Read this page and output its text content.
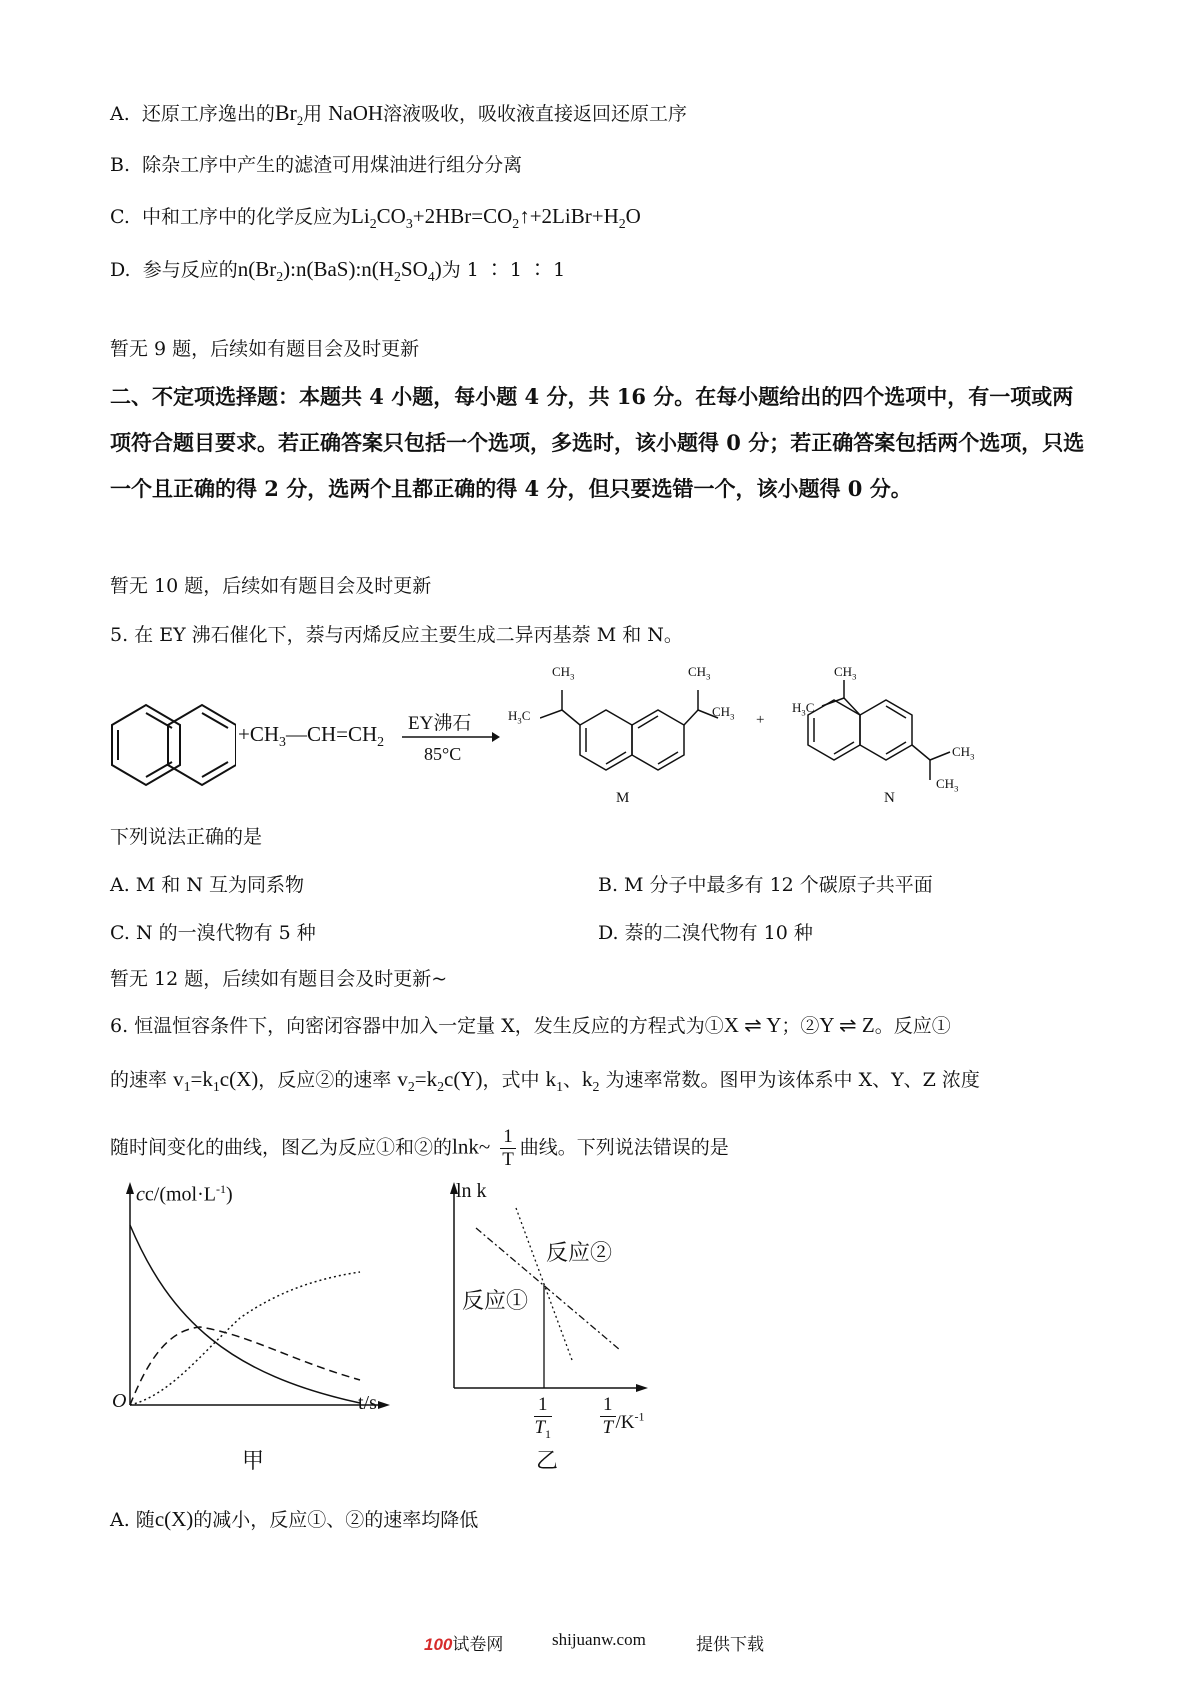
A. 还原工序逸出的$Br_2$用 NaOH溶液吸收，吸收液直接返回还原工序
B. 除杂工序中产生的滤渣可用煤油进行组分分离
C. 中和工序中的化学反应为$Li_2CO_3+2HBr=CO_2↑+2LiBr+H_2O$
D. 参与反应的$n(Br_2):n(BaS):n(H_2SO_4)$为 1 ∶ 1 ∶ 1
暂无 9 题，后续如有题目会及时更新
二、不定项选择题：本题共 4 小题，每小题 4 分，共 16 分。在每小题给出的四个选项中，有一项或两项符合题目要求。若正确答案只包括一个选项，多选时，该小题得 0 分；若正确答案包括两个选项，只选一个且正确的得 2 分，选两个且都正确的得 4 分，但只要选错一个，该小题得 0 分。
暂无 10 题，后续如有题目会及时更新
5. 在 EY 沸石催化下，萘与丙烯反应主要生成二异丙基萘 M 和 N。
$+CH_3—CH=CH_2$
EY沸石
85°C
$CH_3$
$H_3C$
$CH_3$
$CH_3$
M
+
$CH_3$
$H_3C$
$CH_3$
$CH_3$
N
下列说法正确的是
A. M 和 N 互为同系物	B. M 分子中最多有 12 个碳原子共平面
C. N 的一溴代物有 5 种	D. 萘的二溴代物有 10 种
暂无 12 题，后续如有题目会及时更新~
6. 恒温恒容条件下，向密闭容器中加入一定量 X，发生反应的方程式为①X ⇌ Y；②Y ⇌ Z。反应①
的速率 $v_1=k_1c(X)$，反应②的速率 $v_2=k_2c(Y)$，式中 $k_1$、$k_2$ 为速率常数。图甲为该体系中 X、Y、Z 浓度
随时间变化的曲线，图乙为反应①和②的lnk~ $\frac{1}{T}$ 曲线。下列说法错误的是
$cc/(mol\cdot L^{-1})$
O	t/s
甲
ln k
反应②
反应①
1
$T_1$	$\frac{1}{T} /K^{-1}$
乙
A. 随c(X)的减小，反应①、②的速率均降低
100试卷网	shijuanw.com	提供下载
